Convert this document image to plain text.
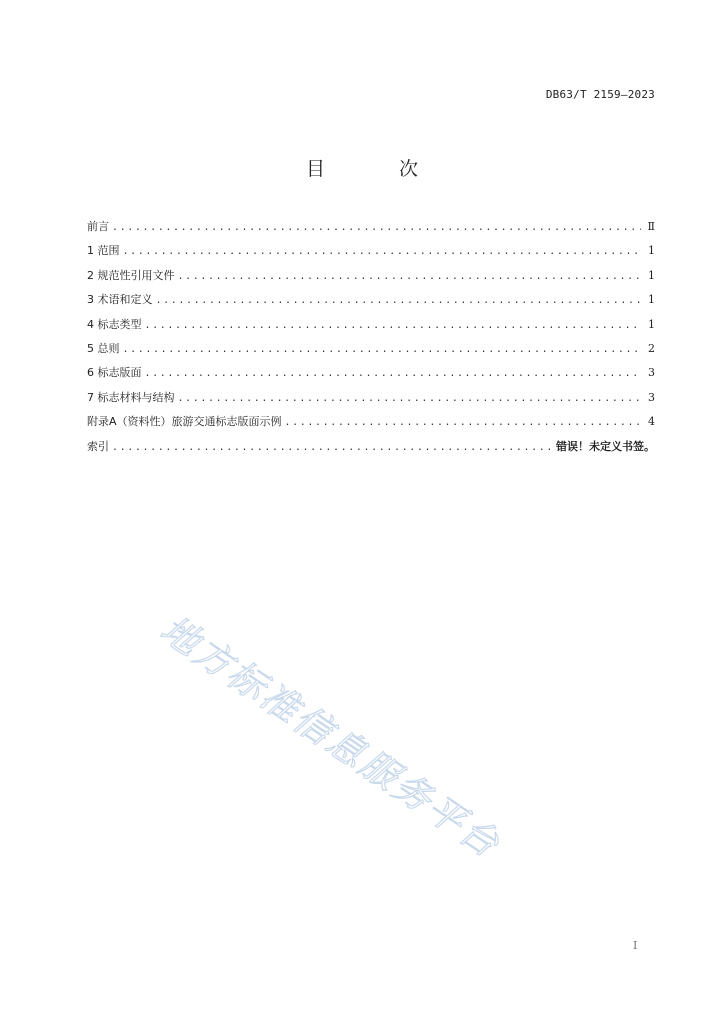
DB63/T 2159—2023
目 次
前言 .....	Ⅱ
1 范围 .....	1
2 规范性引用文件 .....	1
3 术语和定义 .....	1
4 标志类型 .....	1
5 总则 .....	2
6 标志版面 .....	3
7 标志材料与结构 .....	3
附录A（资料性）旅游交通标志版面示例 .....	4
索引 .....	错误！未定义书签。
地方标准信息服务平台
I
